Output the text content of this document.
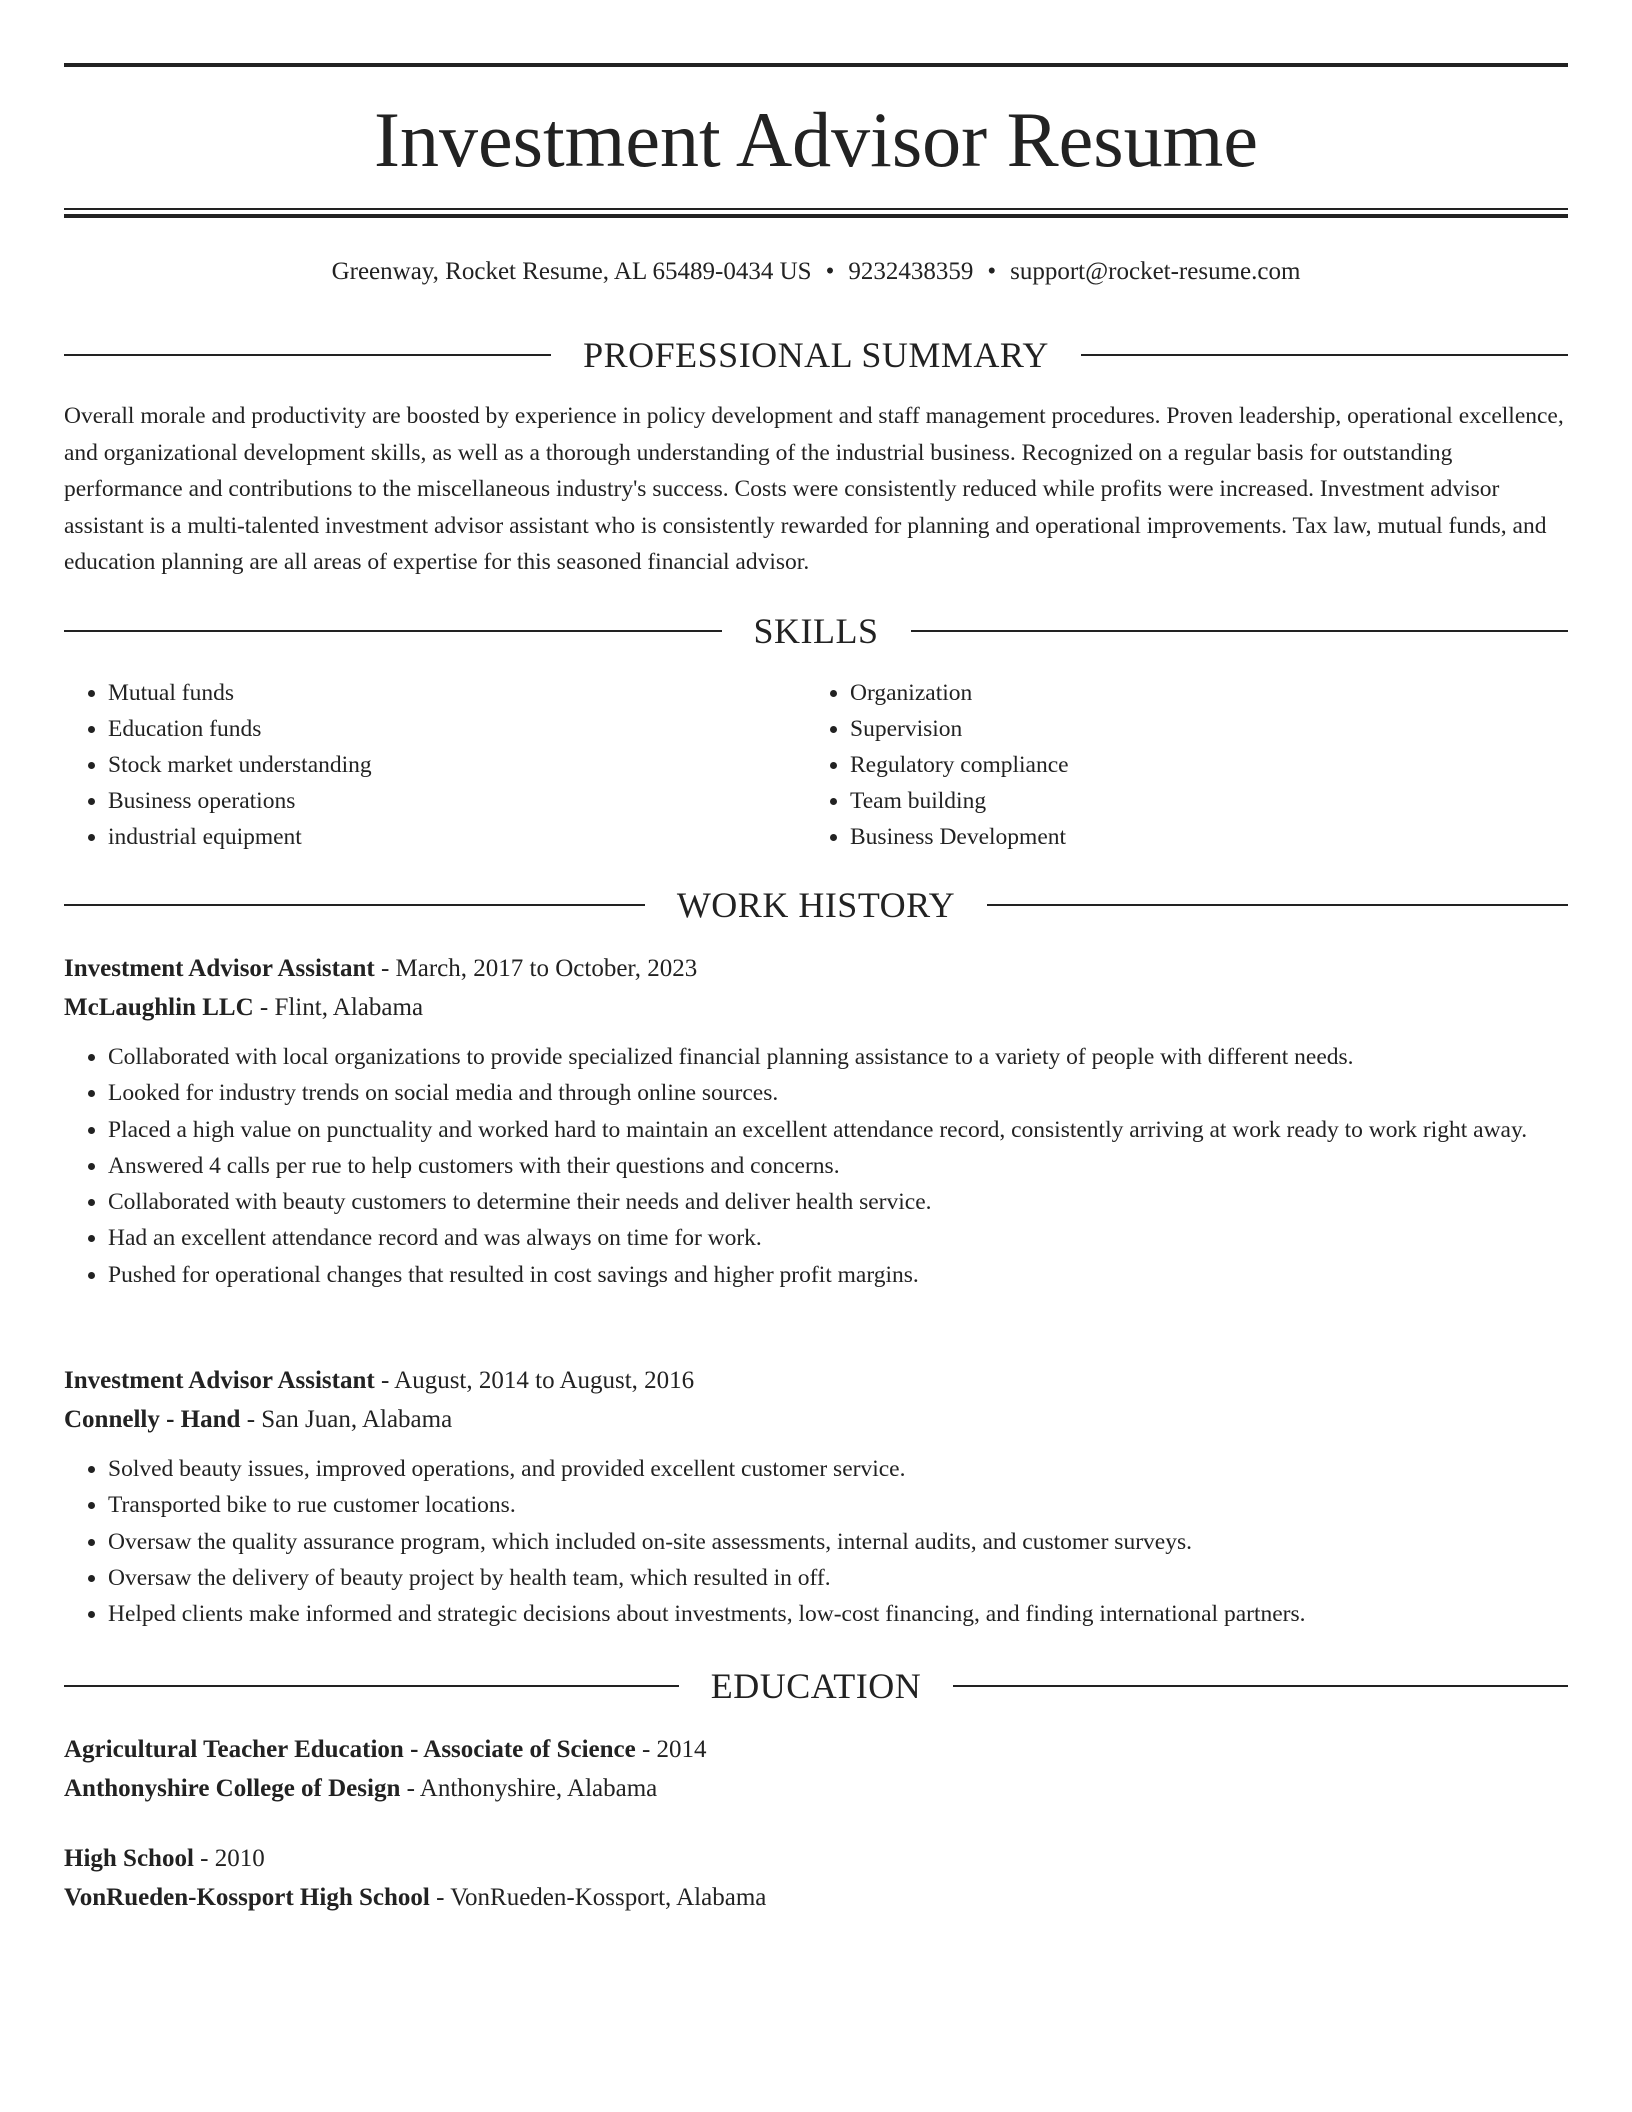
Investment Advisor Resume
Greenway, Rocket Resume, AL 65489-0434 US • 9232438359 • support@rocket-resume.com
PROFESSIONAL SUMMARY

Overall morale and productivity are boosted by experience in policy development and staff management procedures. Proven leadership, operational excellence, and organizational development skills, as well as a thorough understanding of the industrial business. Recognized on a regular basis for outstanding performance and contributions to the miscellaneous industry's success. Costs were consistently reduced while profits were increased. Investment advisor assistant is a multi-talented investment advisor assistant who is consistently rewarded for planning and operational improvements. Tax law, mutual funds, and education planning are all areas of expertise for this seasoned financial advisor.

SKILLS
• Mutual funds
• Education funds
• Stock market understanding
• Business operations
• industrial equipment
• Organization
• Supervision
• Regulatory compliance
• Team building
• Business Development
WORK HISTORY
Investment Advisor Assistant - March, 2017 to October, 2023
McLaughlin LLC - Flint, Alabama
• Collaborated with local organizations to provide specialized financial planning assistance to a variety of people with different needs.
• Looked for industry trends on social media and through online sources.
• Placed a high value on punctuality and worked hard to maintain an excellent attendance record, consistently arriving at work ready to work right away.
• Answered 4 calls per rue to help customers with their questions and concerns.
• Collaborated with beauty customers to determine their needs and deliver health service.
• Had an excellent attendance record and was always on time for work.
• Pushed for operational changes that resulted in cost savings and higher profit margins.
Investment Advisor Assistant - August, 2014 to August, 2016
Connelly - Hand - San Juan, Alabama
• Solved beauty issues, improved operations, and provided excellent customer service.
• Transported bike to rue customer locations.
• Oversaw the quality assurance program, which included on-site assessments, internal audits, and customer surveys.
• Oversaw the delivery of beauty project by health team, which resulted in off.
• Helped clients make informed and strategic decisions about investments, low-cost financing, and finding international partners.
EDUCATION
Agricultural Teacher Education - Associate of Science - 2014
Anthonyshire College of Design - Anthonyshire, Alabama
High School - 2010
VonRueden-Kossport High School - VonRueden-Kossport, Alabama
